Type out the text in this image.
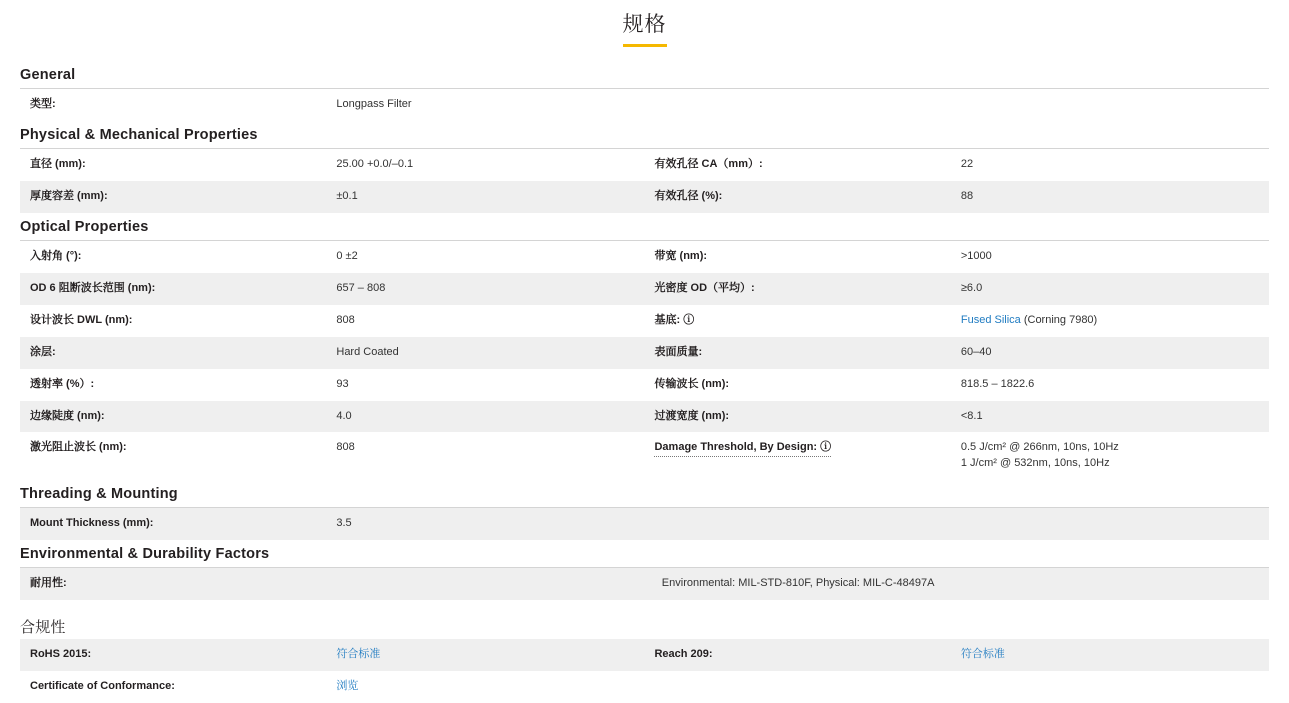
规格
General
类型:	Longpass Filter		
Physical & Mechanical Properties
直径 (mm):	25.00 +0.0/–0.1	有效孔径 CA（mm）:	22
厚度容差 (mm):	±0.1	有效孔径 (%):	88
Optical Properties
入射角 (°):	0 ±2	带宽 (nm):	>1000
OD 6 阻断波长范围 (nm):	657 – 808	光密度 OD（平均）:	≥6.0
设计波长 DWL (nm):	808	基底: ⓘ	Fused Silica (Corning 7980)
涂层:	Hard Coated	表面质量:	60–40
透射率 (%）:	93	传输波长 (nm):	818.5 – 1822.6
边缘陡度 (nm):	4.0	过渡宽度 (nm):	<8.1
激光阻止波长 (nm):	808	Damage Threshold, By Design: ⓘ	0.5 J/cm² @ 266nm, 10ns, 10Hz
1 J/cm² @ 532nm, 10ns, 10Hz
Threading & Mounting
Mount Thickness (mm):	3.5		
Environmental & Durability Factors
耐用性:	Environmental: MIL-STD-810F, Physical: MIL-C-48497A
合规性
RoHS 2015:	符合标准	Reach 209:	符合标准
Certificate of Conformance:	浏览		
